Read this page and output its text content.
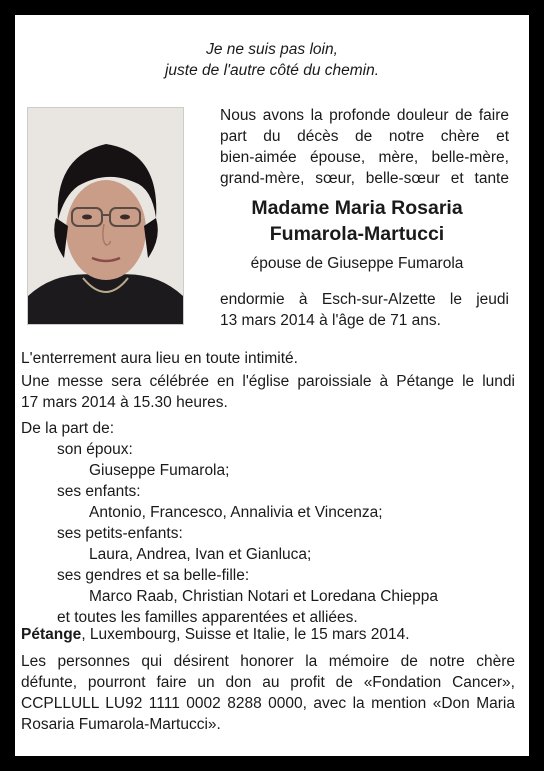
Je ne suis pas loin,
juste de l'autre côté du chemin.
Nous avons la profonde douleur de faire
part du décès de notre chère et
bien-aimée épouse, mère, belle-mère,
grand-mère, sœur, belle-sœur et tante
Madame Maria Rosaria
Fumarola-Martucci
épouse de Giuseppe Fumarola
endormie à Esch-sur-Alzette le jeudi
13 mars 2014 à l'âge de 71 ans.
L'enterrement aura lieu en toute intimité.
Une messe sera célébrée en l'église paroissiale à Pétange le lundi
17 mars 2014 à 15.30 heures.
De la part de:
son époux:
Giuseppe Fumarola;
ses enfants:
Antonio, Francesco, Annalivia et Vincenza;
ses petits-enfants:
Laura, Andrea, Ivan et Gianluca;
ses gendres et sa belle-fille:
Marco Raab, Christian Notari et Loredana Chieppa
et toutes les familles apparentées et alliées.
Pétange, Luxembourg, Suisse et Italie, le 15 mars 2014.
Les personnes qui désirent honorer la mémoire de notre chère
défunte, pourront faire un don au profit de «Fondation Cancer»,
CCPLLULL LU92 1111 0002 8288 0000, avec la mention «Don Maria
Rosaria Fumarola-Martucci».
